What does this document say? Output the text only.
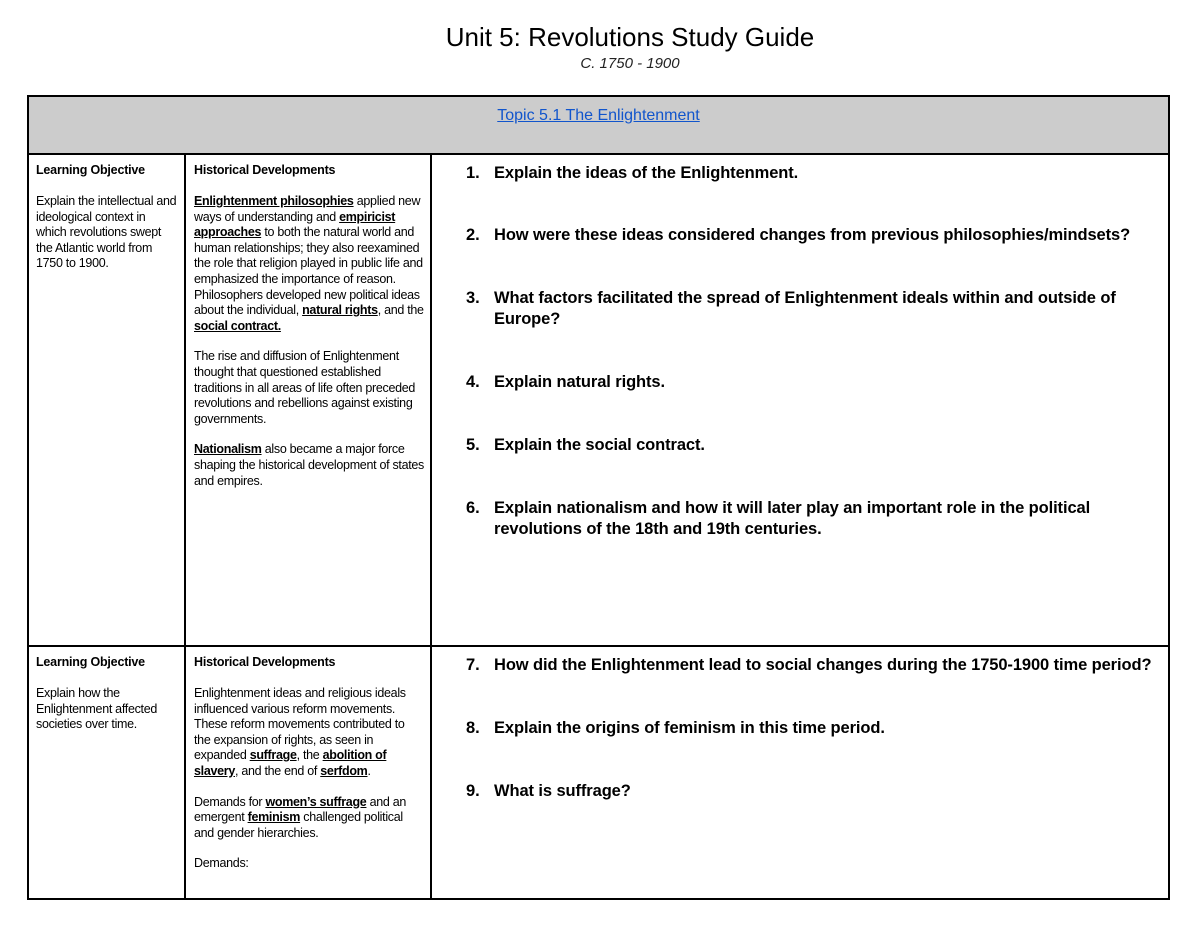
Unit 5: Revolutions Study Guide
C. 1750 - 1900
Topic 5.1 The Enlightenment

Learning Objective

Explain the intellectual and ideological context in which revolutions swept the Atlantic world from 1750 to 1900.

Historical Developments

Enlightenment philosophies applied new ways of understanding and empiricist approaches to both the natural world and human relationships; they also reexamined the role that religion played in public life and emphasized the importance of reason. Philosophers developed new political ideas about the individual, natural rights, and the social contract.

The rise and diffusion of Enlightenment thought that questioned established traditions in all areas of life often preceded revolutions and rebellions against existing governments.

Nationalism also became a major force shaping the historical development of states and empires.

1. Explain the ideas of the Enlightenment.
2. How were these ideas considered changes from previous philosophies/mindsets?
3. What factors facilitated the spread of Enlightenment ideals within and outside of Europe?
4. Explain natural rights.
5. Explain the social contract.
6. Explain nationalism and how it will later play an important role in the political revolutions of the 18th and 19th centuries.

Learning Objective

Explain how the Enlightenment affected societies over time.

Historical Developments

Enlightenment ideas and religious ideals influenced various reform movements. These reform movements contributed to the expansion of rights, as seen in expanded suffrage, the abolition of slavery, and the end of serfdom.

Demands for women’s suffrage and an emergent feminism challenged political and gender hierarchies.

Demands:

7. How did the Enlightenment lead to social changes during the 1750-1900 time period?
8. Explain the origins of feminism in this time period.
9. What is suffrage?
